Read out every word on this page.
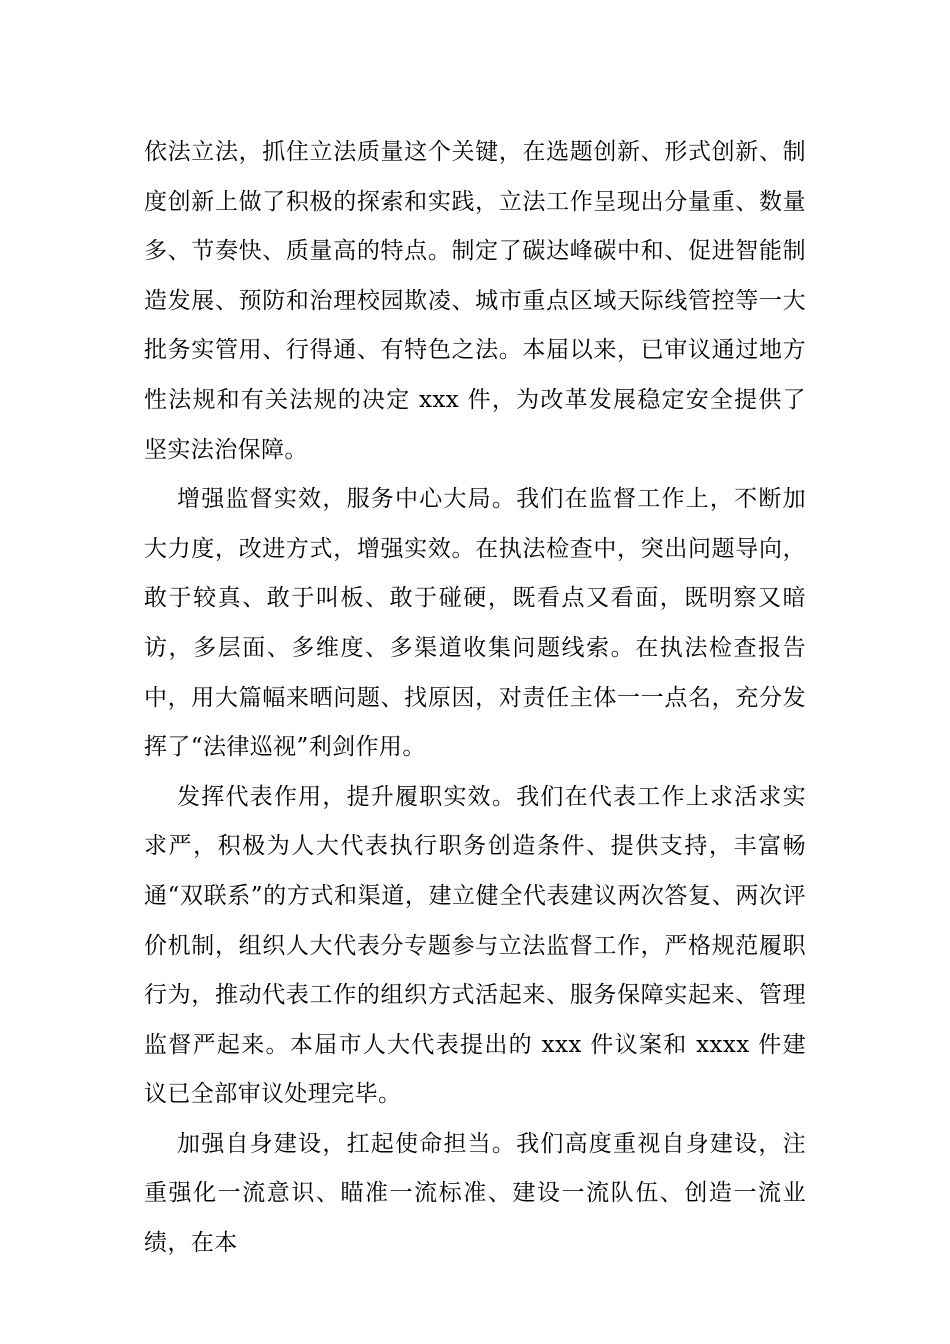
依法立法，抓住立法质量这个关键，在选题创新、形式创新、制度创新上做了积极的探索和实践，立法工作呈现出分量重、数量多、节奏快、质量高的特点。制定了碳达峰碳中和、促进智能制造发展、预防和治理校园欺凌、城市重点区域天际线管控等一大批务实管用、行得通、有特色之法。本届以来，已审议通过地方性法规和有关法规的决定 xxx 件，为改革发展稳定安全提供了坚实法治保障。

增强监督实效，服务中心大局。我们在监督工作上，不断加大力度，改进方式，增强实效。在执法检查中，突出问题导向，敢于较真、敢于叫板、敢于碰硬，既看点又看面，既明察又暗访，多层面、多维度、多渠道收集问题线索。在执法检查报告中，用大篇幅来晒问题、找原因，对责任主体一一点名，充分发挥了“法律巡视”利剑作用。

发挥代表作用，提升履职实效。我们在代表工作上求活求实求严，积极为人大代表执行职务创造条件、提供支持，丰富畅通“双联系”的方式和渠道，建立健全代表建议两次答复、两次评价机制，组织人大代表分专题参与立法监督工作，严格规范履职行为，推动代表工作的组织方式活起来、服务保障实起来、管理监督严起来。本届市人大代表提出的 xxx 件议案和 xxxx 件建议已全部审议处理完毕。

加强自身建设，扛起使命担当。我们高度重视自身建设，注重强化一流意识、瞄准一流标准、建设一流队伍、创造一流业绩，在本
